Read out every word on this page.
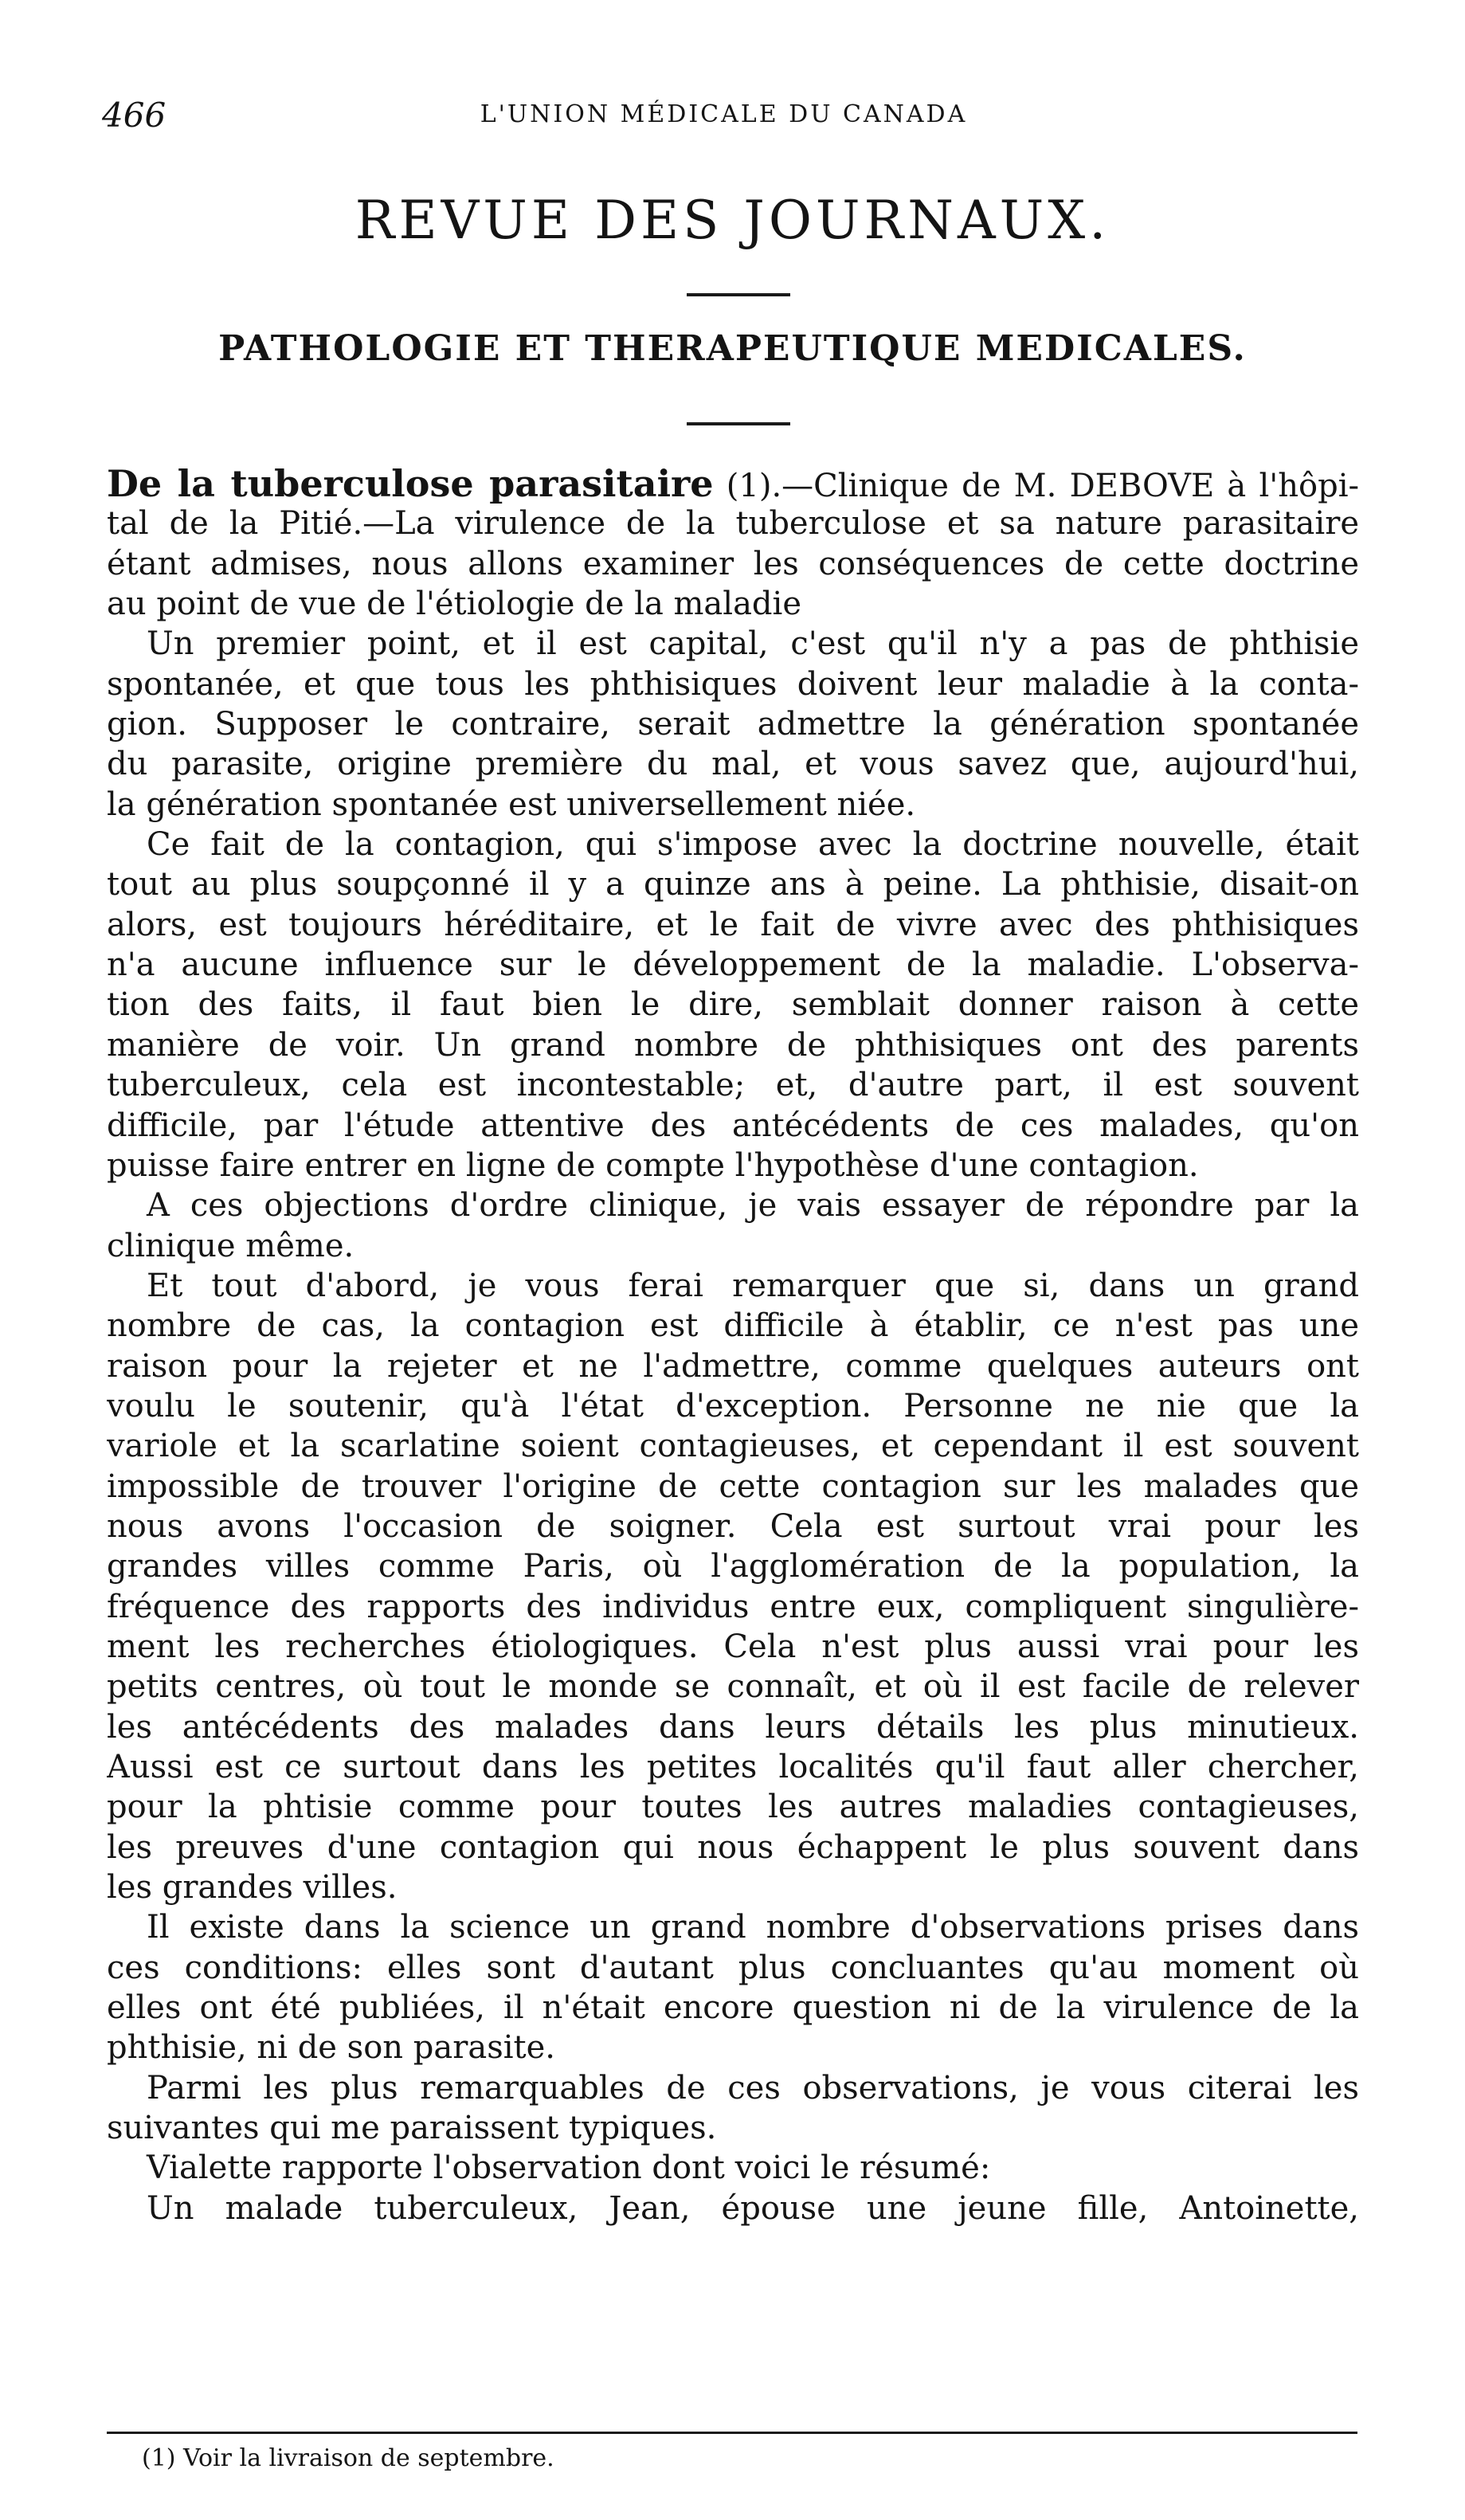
466	L'UNION MÉDICALE DU CANADA
REVUE DES JOURNAUX.
PATHOLOGIE ET THERAPEUTIQUE MEDICALES.
De la tuberculose parasitaire (1).—Clinique de M. DEBOVE à l'hôpi-
tal de la Pitié.—La virulence de la tuberculose et sa nature parasitaire
étant admises, nous allons examiner les conséquences de cette doctrine
au point de vue de l'étiologie de la maladie
Un premier point, et il est capital, c'est qu'il n'y a pas de phthisie
spontanée, et que tous les phthisiques doivent leur maladie à la conta-
gion. Supposer le contraire, serait admettre la génération spontanée
du parasite, origine première du mal, et vous savez que, aujourd'hui,
la génération spontanée est universellement niée.
Ce fait de la contagion, qui s'impose avec la doctrine nouvelle, était
tout au plus soupçonné il y a quinze ans à peine. La phthisie, disait-on
alors, est toujours héréditaire, et le fait de vivre avec des phthisiques
n'a aucune influence sur le développement de la maladie. L'observa-
tion des faits, il faut bien le dire, semblait donner raison à cette
manière de voir. Un grand nombre de phthisiques ont des parents
tuberculeux, cela est incontestable; et, d'autre part, il est souvent
difficile, par l'étude attentive des antécédents de ces malades, qu'on
puisse faire entrer en ligne de compte l'hypothèse d'une contagion.
A ces objections d'ordre clinique, je vais essayer de répondre par la
clinique même.
Et tout d'abord, je vous ferai remarquer que si, dans un grand
nombre de cas, la contagion est difficile à établir, ce n'est pas une
raison pour la rejeter et ne l'admettre, comme quelques auteurs ont
voulu le soutenir, qu'à l'état d'exception. Personne ne nie que la
variole et la scarlatine soient contagieuses, et cependant il est souvent
impossible de trouver l'origine de cette contagion sur les malades que
nous avons l'occasion de soigner. Cela est surtout vrai pour les
grandes villes comme Paris, où l'agglomération de la population, la
fréquence des rapports des individus entre eux, compliquent singulière-
ment les recherches étiologiques. Cela n'est plus aussi vrai pour les
petits centres, où tout le monde se connaît, et où il est facile de relever
les antécédents des malades dans leurs détails les plus minutieux.
Aussi est ce surtout dans les petites localités qu'il faut aller chercher,
pour la phtisie comme pour toutes les autres maladies contagieuses,
les preuves d'une contagion qui nous échappent le plus souvent dans
les grandes villes.
Il existe dans la science un grand nombre d'observations prises dans
ces conditions: elles sont d'autant plus concluantes qu'au moment où
elles ont été publiées, il n'était encore question ni de la virulence de la
phthisie, ni de son parasite.
Parmi les plus remarquables de ces observations, je vous citerai les
suivantes qui me paraissent typiques.
Vialette rapporte l'observation dont voici le résumé:
Un malade tuberculeux, Jean, épouse une jeune fille, Antoinette,
(1) Voir la livraison de septembre.
